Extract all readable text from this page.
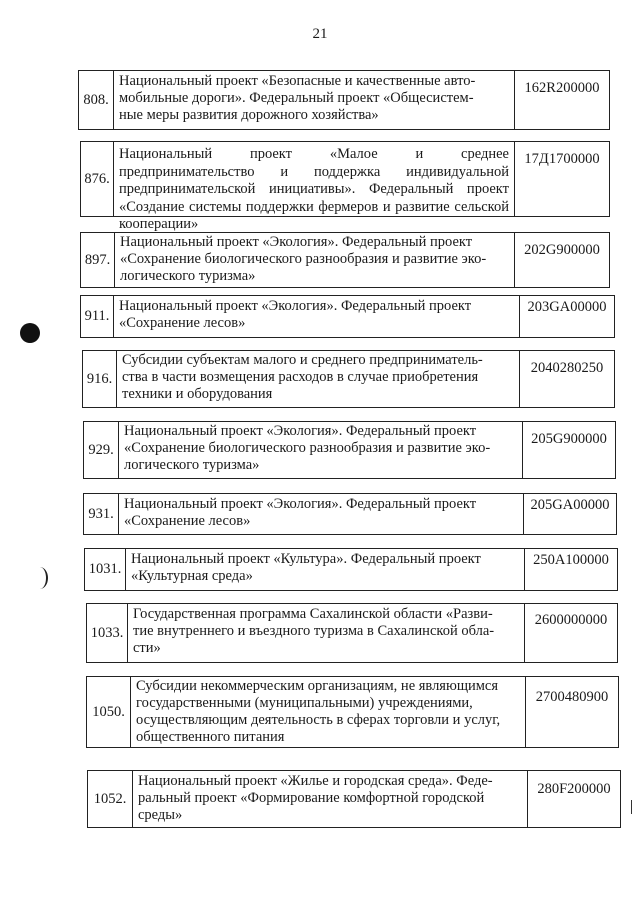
21
808.
Национальный проект «Безопасные и качественные авто-
мобильные дороги». Федеральный проект «Общесистем-
ные меры развития дорожного хозяйства»
162R200000
876.
Национальный проект «Малое и среднее предпринимательство и поддержка индивидуальной предпринимательской инициативы». Федеральный проект «Создание системы поддержки фермеров и развитие сельской кооперации»
17Д1700000
897.
Национальный проект «Экология». Федеральный проект
«Сохранение биологического разнообразия и развитие эко-
логического туризма»
202G900000
911.
Национальный проект «Экология». Федеральный проект
«Сохранение лесов»
203GA00000
916.
Субсидии субъектам малого и среднего предприниматель-
ства в части возмещения расходов в случае приобретения
техники и оборудования
2040280250
929.
Национальный проект «Экология». Федеральный проект
«Сохранение биологического разнообразия и развитие эко-
логического туризма»
205G900000
931.
Национальный проект «Экология». Федеральный проект
«Сохранение лесов»
205GA00000
1031.
Национальный проект «Культура». Федеральный проект
«Культурная среда»
250A100000
1033.
Государственная программа Сахалинской области «Разви-
тие внутреннего и въездного туризма в Сахалинской обла-
сти»
2600000000
1050.
Субсидии некоммерческим организациям, не являющимся
государственными (муниципальными) учреждениями,
осуществляющим деятельность в сферах торговли и услуг,
общественного питания
2700480900
1052.
Национальный проект «Жилье и городская среда». Феде-
ральный проект «Формирование комфортной городской
среды»
280F200000
